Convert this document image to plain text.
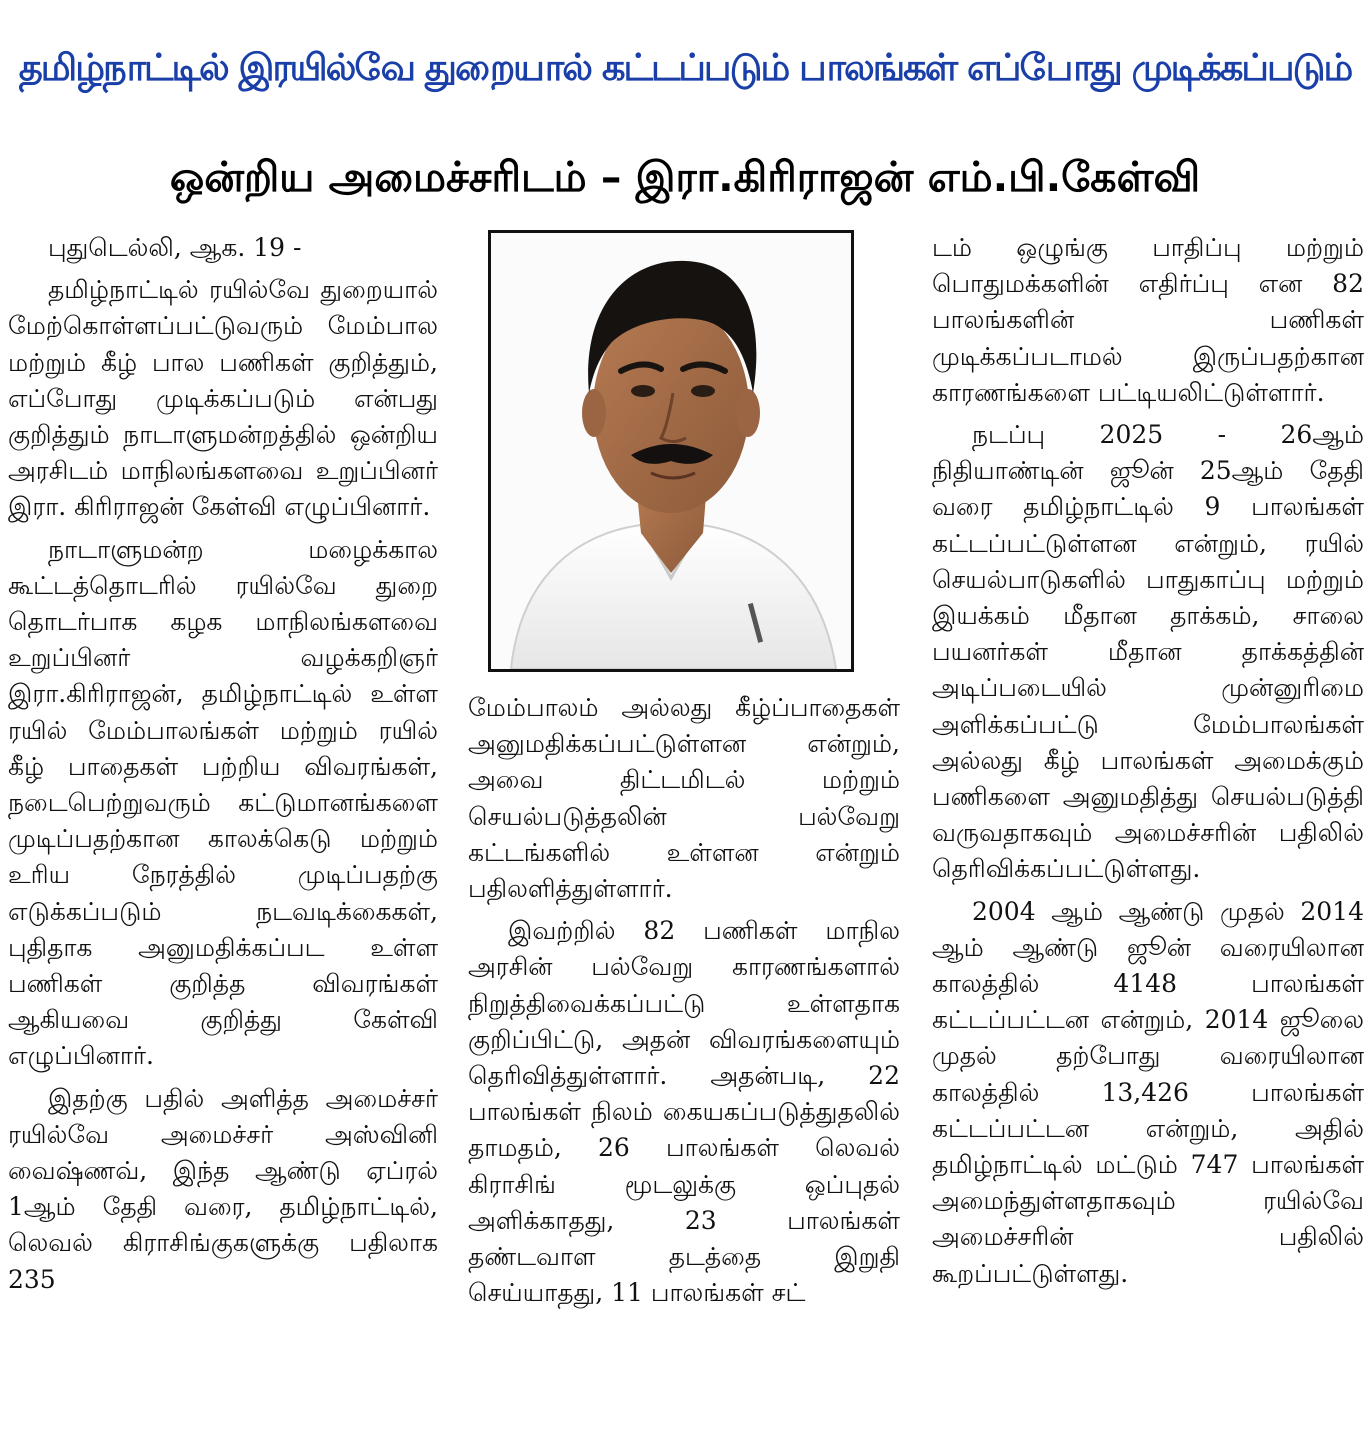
தமிழ்நாட்டில் இரயில்வே துறையால் கட்டப்படும் பாலங்கள் எப்போது முடிக்கப்படும்
ஒன்றிய அமைச்சரிடம் – இரா.கிரிராஜன் எம்.பி.கேள்வி

புதுடெல்லி, ஆக. 19 -

தமிழ்நாட்டில் ரயில்வே துறையால் மேற்கொள்ளப்பட்டுவரும் மேம்பால மற்றும் கீழ் பால பணிகள் குறித்தும், எப்போது முடிக்கப்படும் என்பது குறித்தும் நாடாளுமன்றத்தில் ஒன்றிய அரசிடம் மாநிலங்களவை உறுப்பினர் இரா. கிரிராஜன் கேள்வி எழுப்பினார்.

நாடாளுமன்ற மழைக்கால கூட்டத்தொடரில் ரயில்வே துறை தொடர்பாக கழக மாநிலங்களவை உறுப்பினர் வழக்கறிஞர் இரா.கிரிராஜன், தமிழ்நாட்டில் உள்ள ரயில் மேம்பாலங்கள் மற்றும் ரயில் கீழ் பாதைகள் பற்றிய விவரங்கள், நடைபெற்றுவரும் கட்டுமானங்களை முடிப்பதற்கான காலக்கெடு மற்றும் உரிய நேரத்தில் முடிப்பதற்கு எடுக்கப்படும் நடவடிக்கைகள், புதிதாக அனுமதிக்கப்பட உள்ள பணிகள் குறித்த விவரங்கள் ஆகியவை குறித்து கேள்வி எழுப்பினார்.

இதற்கு பதில் அளித்த அமைச்சர் ரயில்வே அமைச்சர் அஸ்வினி வைஷ்ணவ், இந்த ஆண்டு ஏப்ரல் 1ஆம் தேதி வரை, தமிழ்நாட்டில், லெவல் கிராசிங்குகளுக்கு பதிலாக 235

மேம்பாலம் அல்லது கீழ்ப்பாதைகள் அனுமதிக்கப்பட்டுள்ளன என்றும், அவை திட்டமிடல் மற்றும் செயல்படுத்தலின் பல்வேறு கட்டங்களில் உள்ளன என்றும் பதிலளித்துள்ளார்.

இவற்றில் 82 பணிகள் மாநில அரசின் பல்வேறு காரணங்களால் நிறுத்திவைக்கப்பட்டு உள்ளதாக குறிப்பிட்டு, அதன் விவரங்களையும் தெரிவித்துள்ளார். அதன்படி, 22 பாலங்கள் நிலம் கையகப்படுத்துதலில் தாமதம், 26 பாலங்கள் லெவல் கிராசிங் மூடலுக்கு ஒப்புதல் அளிக்காதது, 23 பாலங்கள் தண்டவாள தடத்தை இறுதி செய்யாதது, 11 பாலங்கள் சட்

டம் ஒழுங்கு பாதிப்பு மற்றும் பொதுமக்களின் எதிர்ப்பு என 82 பாலங்களின் பணிகள் முடிக்கப்படாமல் இருப்பதற்கான காரணங்களை பட்டியலிட்டுள்ளார்.

நடப்பு 2025 - 26ஆம் நிதியாண்டின் ஜூன் 25ஆம் தேதி வரை தமிழ்நாட்டில் 9 பாலங்கள் கட்டப்பட்டுள்ளன என்றும், ரயில் செயல்பாடுகளில் பாதுகாப்பு மற்றும் இயக்கம் மீதான தாக்கம், சாலை பயனர்கள் மீதான தாக்கத்தின் அடிப்படையில் முன்னுரிமை அளிக்கப்பட்டு மேம்பாலங்கள் அல்லது கீழ் பாலங்கள் அமைக்கும் பணிகளை அனுமதித்து செயல்படுத்தி வருவதாகவும் அமைச்சரின் பதிலில் தெரிவிக்கப்பட்டுள்ளது.

2004 ஆம் ஆண்டு முதல் 2014 ஆம் ஆண்டு ஜூன் வரையிலான காலத்தில் 4148 பாலங்கள் கட்டப்பட்டன என்றும், 2014 ஜூலை முதல் தற்போது வரையிலான காலத்தில் 13,426 பாலங்கள் கட்டப்பட்டன என்றும், அதில் தமிழ்நாட்டில் மட்டும் 747 பாலங்கள் அமைந்துள்ளதாகவும் ரயில்வே அமைச்சரின் பதிலில் கூறப்பட்டுள்ளது.
